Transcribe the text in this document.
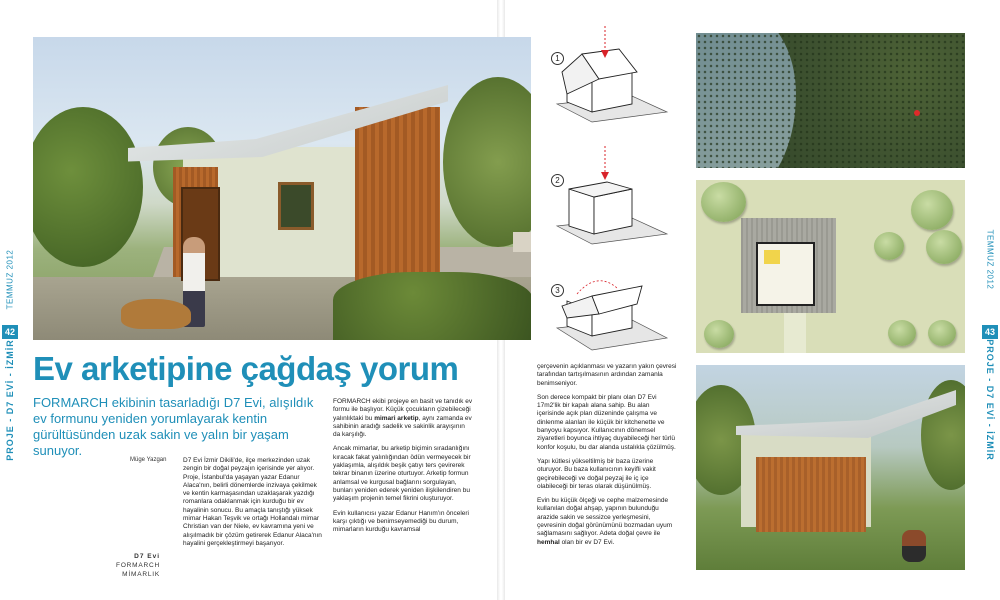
TEMMUZ 2012
42
PROJE - D7 EVİ - İZMİR
TEMMUZ 2012
43
PROJE - D7 EVİ - İZMİR
1
2
3
Ev arketipine çağdaş yorum
FORMARCH ekibinin tasarladığı D7 Evi, alışıldık ev formunu yeniden yorumlayarak kentin gürültüsünden uzak sakin ve yalın bir yaşam sunuyor.
Müge Yazgan
D7 Evi
FORMARCH MİMARLIK

D7 Evi İzmir Dikili'de, ilçe merkezinden uzak zengin bir doğal peyzajın içerisinde yer alıyor. Proje, İstanbul'da yaşayan yazar Edanur Alaca'nın, belirli dönemlerde inzivaya çekilmek ve kentin karmaşasından uzaklaşarak yazdığı romanlara odaklanmak için kurduğu bir ev hayalinin sonucu. Bu amaçla tanıştığı yüksek mimar Hakan Teşvik ve ortağı Hollandalı mimar Christian van der Niele, ev kavramına yeni ve alışılmadık bir çözüm getirerek Edanur Alaca'nın hayalini gerçekleştirmeyi başarıyor.

FORMARCH ekibi projeye en basit ve tanıdık ev formu ile başlıyor. Küçük çocukların çizebileceği yalınlıktaki bu mimari arketip, aynı zamanda ev sahibinin aradığı sadelik ve sakinlik arayışının da karşılığı.

Ancak mimarlar, bu arketip biçimin sıradanlığını kıracak fakat yalınlığından ödün vermeyecek bir yaklaşımla, alışıldık beşik çatıyı ters çevirerek tekrar binanın üzerine oturtuyor. Arketip formun anlamsal ve kurgusal bağlarını sorgulayan, bunları yeniden ederek yeniden ilişkilendiren bu yaklaşım projenin temel fikrini oluşturuyor.

Evin kullanıcısı yazar Edanur Hanım'ın önceleri karşı çıktığı ve benimseyemediği bu durum, mimarların kurduğu kavramsal

çerçevenin açıklanması ve yazarın yakın çevresi tarafından tartışılmasının ardından zamanla benimseniyor.

Son derece kompakt bir planı olan D7 Evi 17m2'lik bir kapalı alana sahip. Bu alan içerisinde açık plan düzeninde çalışma ve dinlenme alanları ile küçük bir kitchenette ve banyoyu kapsıyor. Kullanıcının dönemsel ziyaretleri boyunca ihtiyaç duyabileceği her türlü konfor koşulu, bu dar alanda ustalıkla çözülmüş.

Yapı kütlesi yükseltilmiş bir baza üzerine oturuyor. Bu baza kullanıcının keyifli vakit geçirebileceği ve doğal peyzaj ile iç içe olabileceği bir teras olarak düşünülmüş.

Evin bu küçük ölçeği ve cephe malzemesinde kullanılan doğal ahşap, yapının bulunduğu arazide sakin ve sessizce yerleşmesini, çevresinin doğal görünümünü bozmadan uyum sağlamasını sağlıyor. Adeta doğal çevre ile hemhal olan bir ev D7 Evi.
